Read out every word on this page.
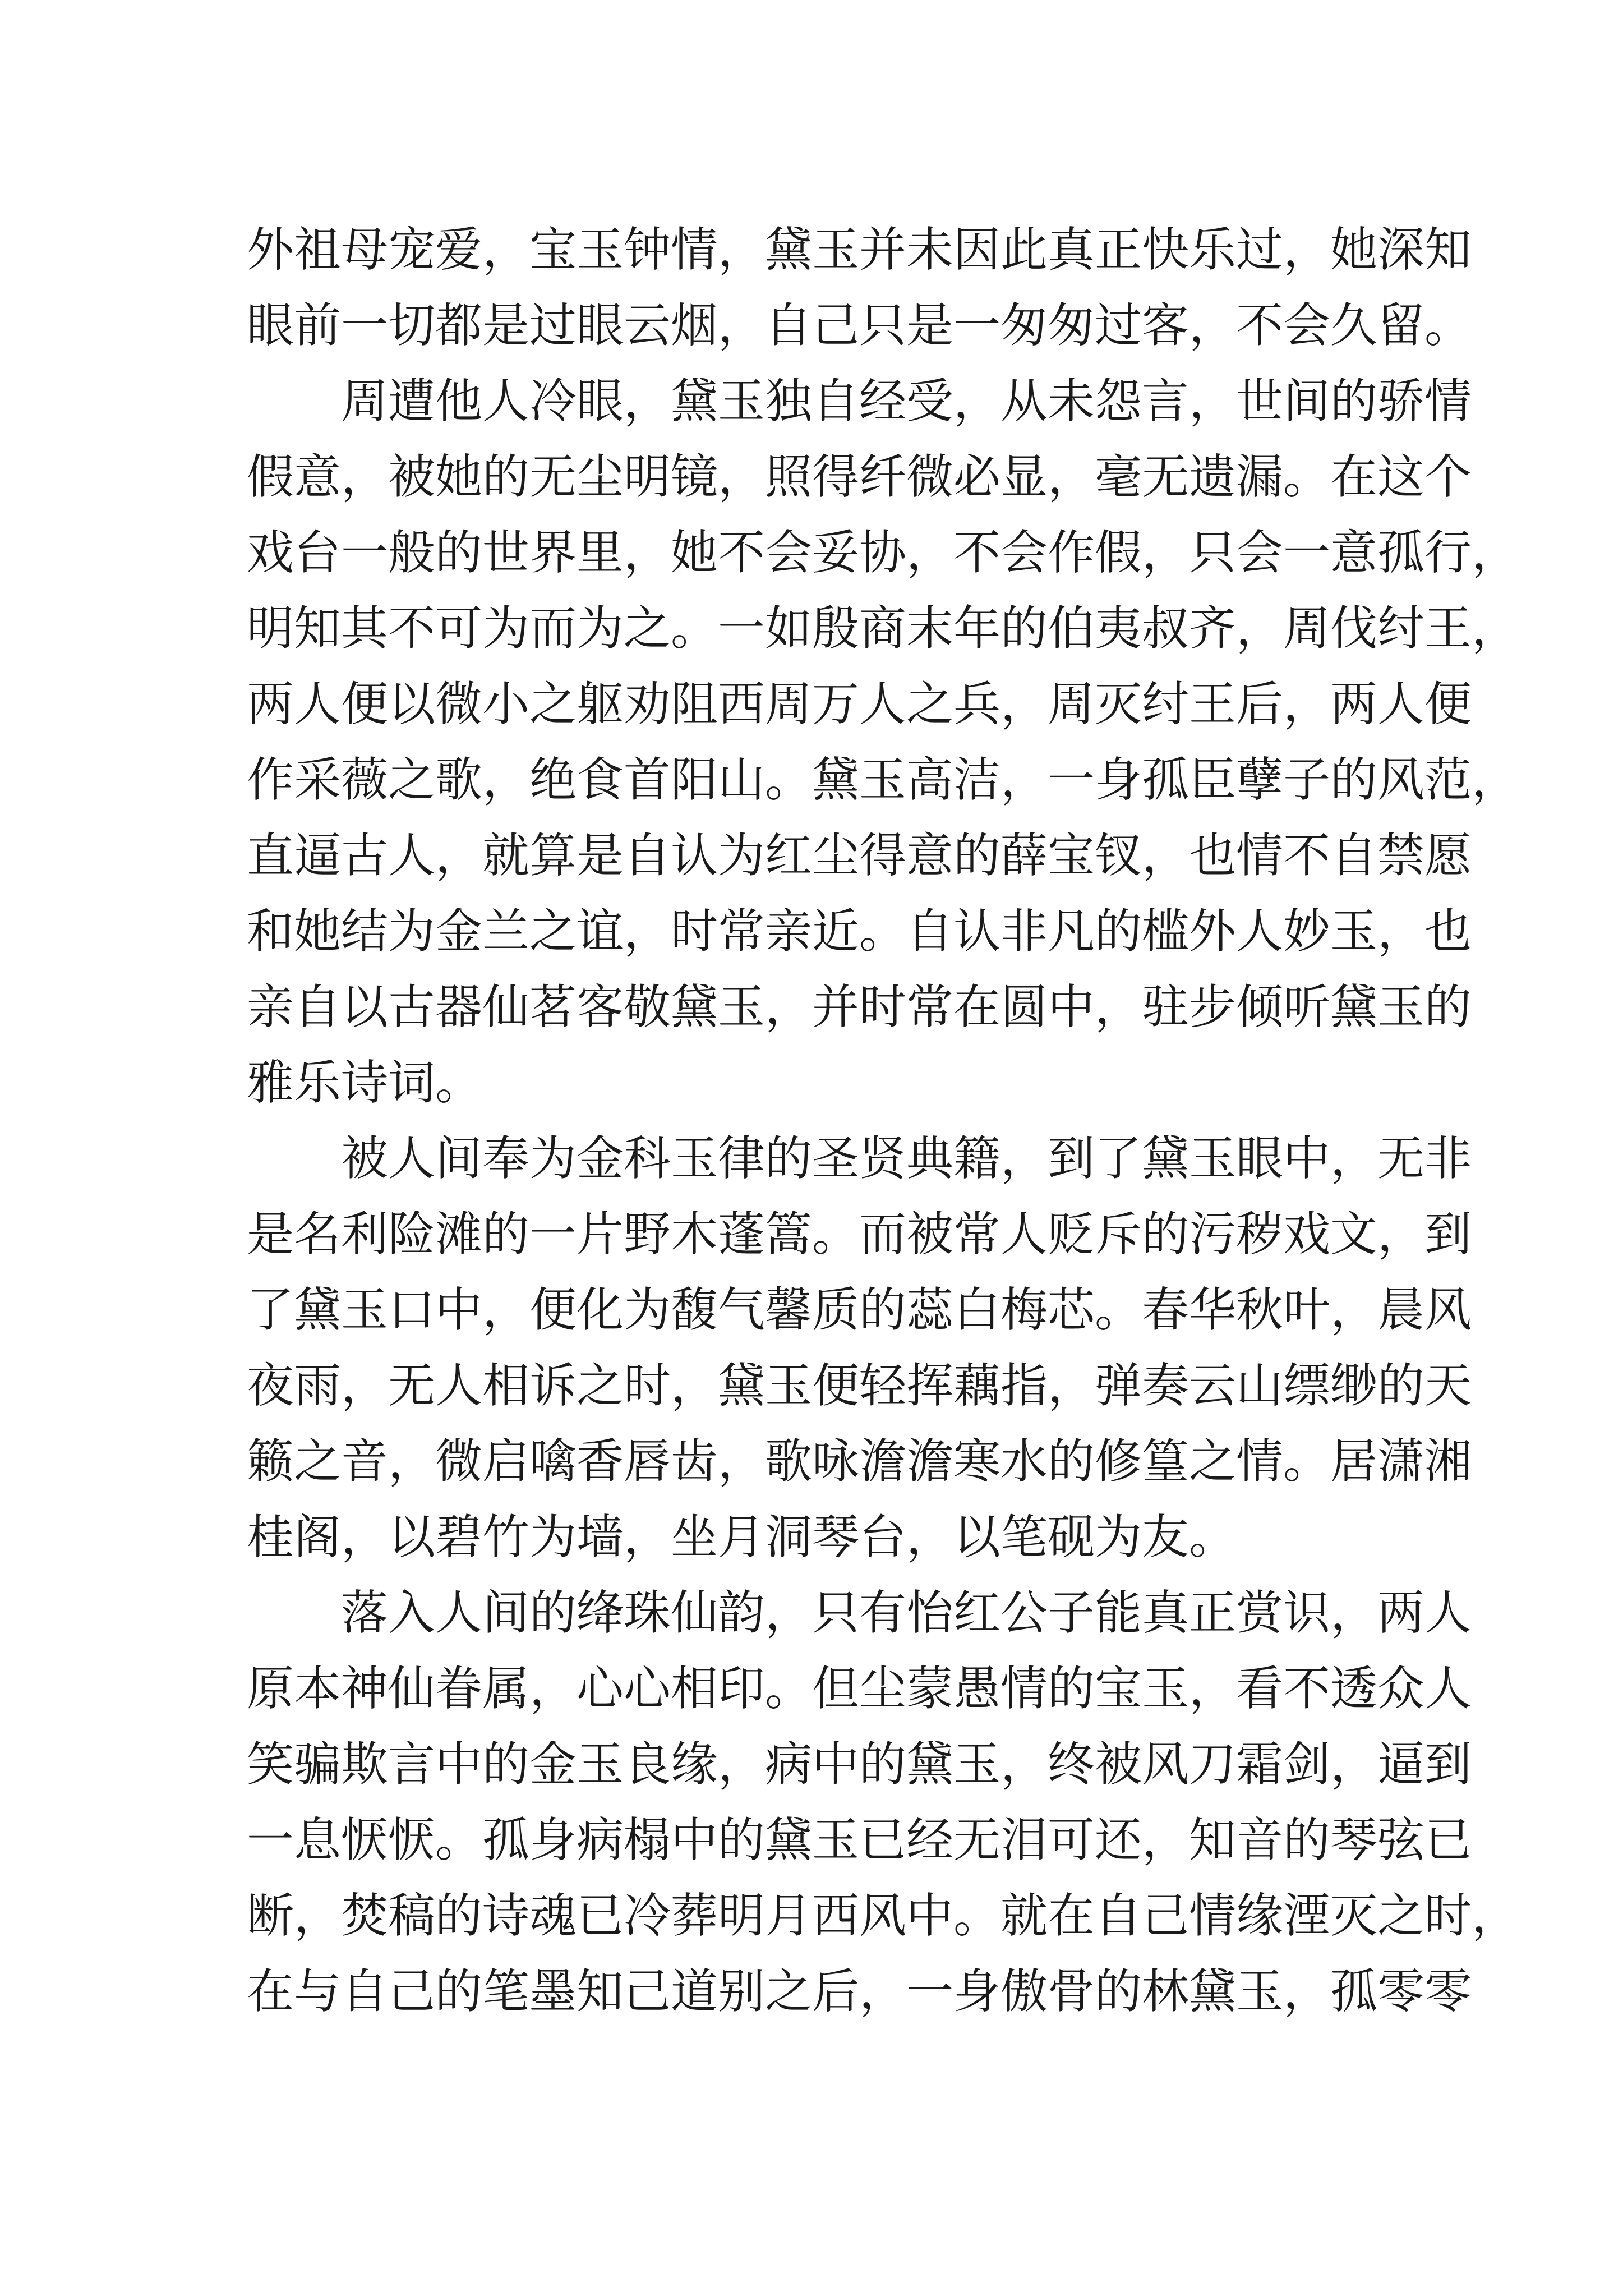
外祖母宠爱，宝玉钟情，黛玉并未因此真正快乐过，她深知
眼前一切都是过眼云烟，自己只是一匆匆过客，不会久留。
周遭他人冷眼，黛玉独自经受，从未怨言，世间的骄情
假意，被她的无尘明镜，照得纤微必显，毫无遗漏。在这个
戏台一般的世界里，她不会妥协，不会作假，只会一意孤行，
明知其不可为而为之。一如殷商末年的伯夷叔齐，周伐纣王，
两人便以微小之躯劝阻西周万人之兵，周灭纣王后，两人便
作采薇之歌，绝食首阳山。黛玉高洁，一身孤臣孽子的风范，
直逼古人，就算是自认为红尘得意的薛宝钗，也情不自禁愿
和她结为金兰之谊，时常亲近。自认非凡的槛外人妙玉，也
亲自以古器仙茗客敬黛玉，并时常在圆中，驻步倾听黛玉的
雅乐诗词。
被人间奉为金科玉律的圣贤典籍，到了黛玉眼中，无非
是名利险滩的一片野木蓬篙。而被常人贬斥的污秽戏文，到
了黛玉口中，便化为馥气馨质的蕊白梅芯。春华秋叶，晨风
夜雨，无人相诉之时，黛玉便轻挥藕指，弹奏云山缥缈的天
籁之音，微启噙香唇齿，歌咏澹澹寒水的修篁之情。居潇湘
桂阁，以碧竹为墙，坐月洞琴台，以笔砚为友。
落入人间的绛珠仙韵，只有怡红公子能真正赏识，两人
原本神仙眷属，心心相印。但尘蒙愚情的宝玉，看不透众人
笑骗欺言中的金玉良缘，病中的黛玉，终被风刀霜剑，逼到
一息恹恹。孤身病榻中的黛玉已经无泪可还，知音的琴弦已
断，焚稿的诗魂已冷葬明月西风中。就在自己情缘湮灭之时，
在与自己的笔墨知己道别之后，一身傲骨的林黛玉，孤零零
